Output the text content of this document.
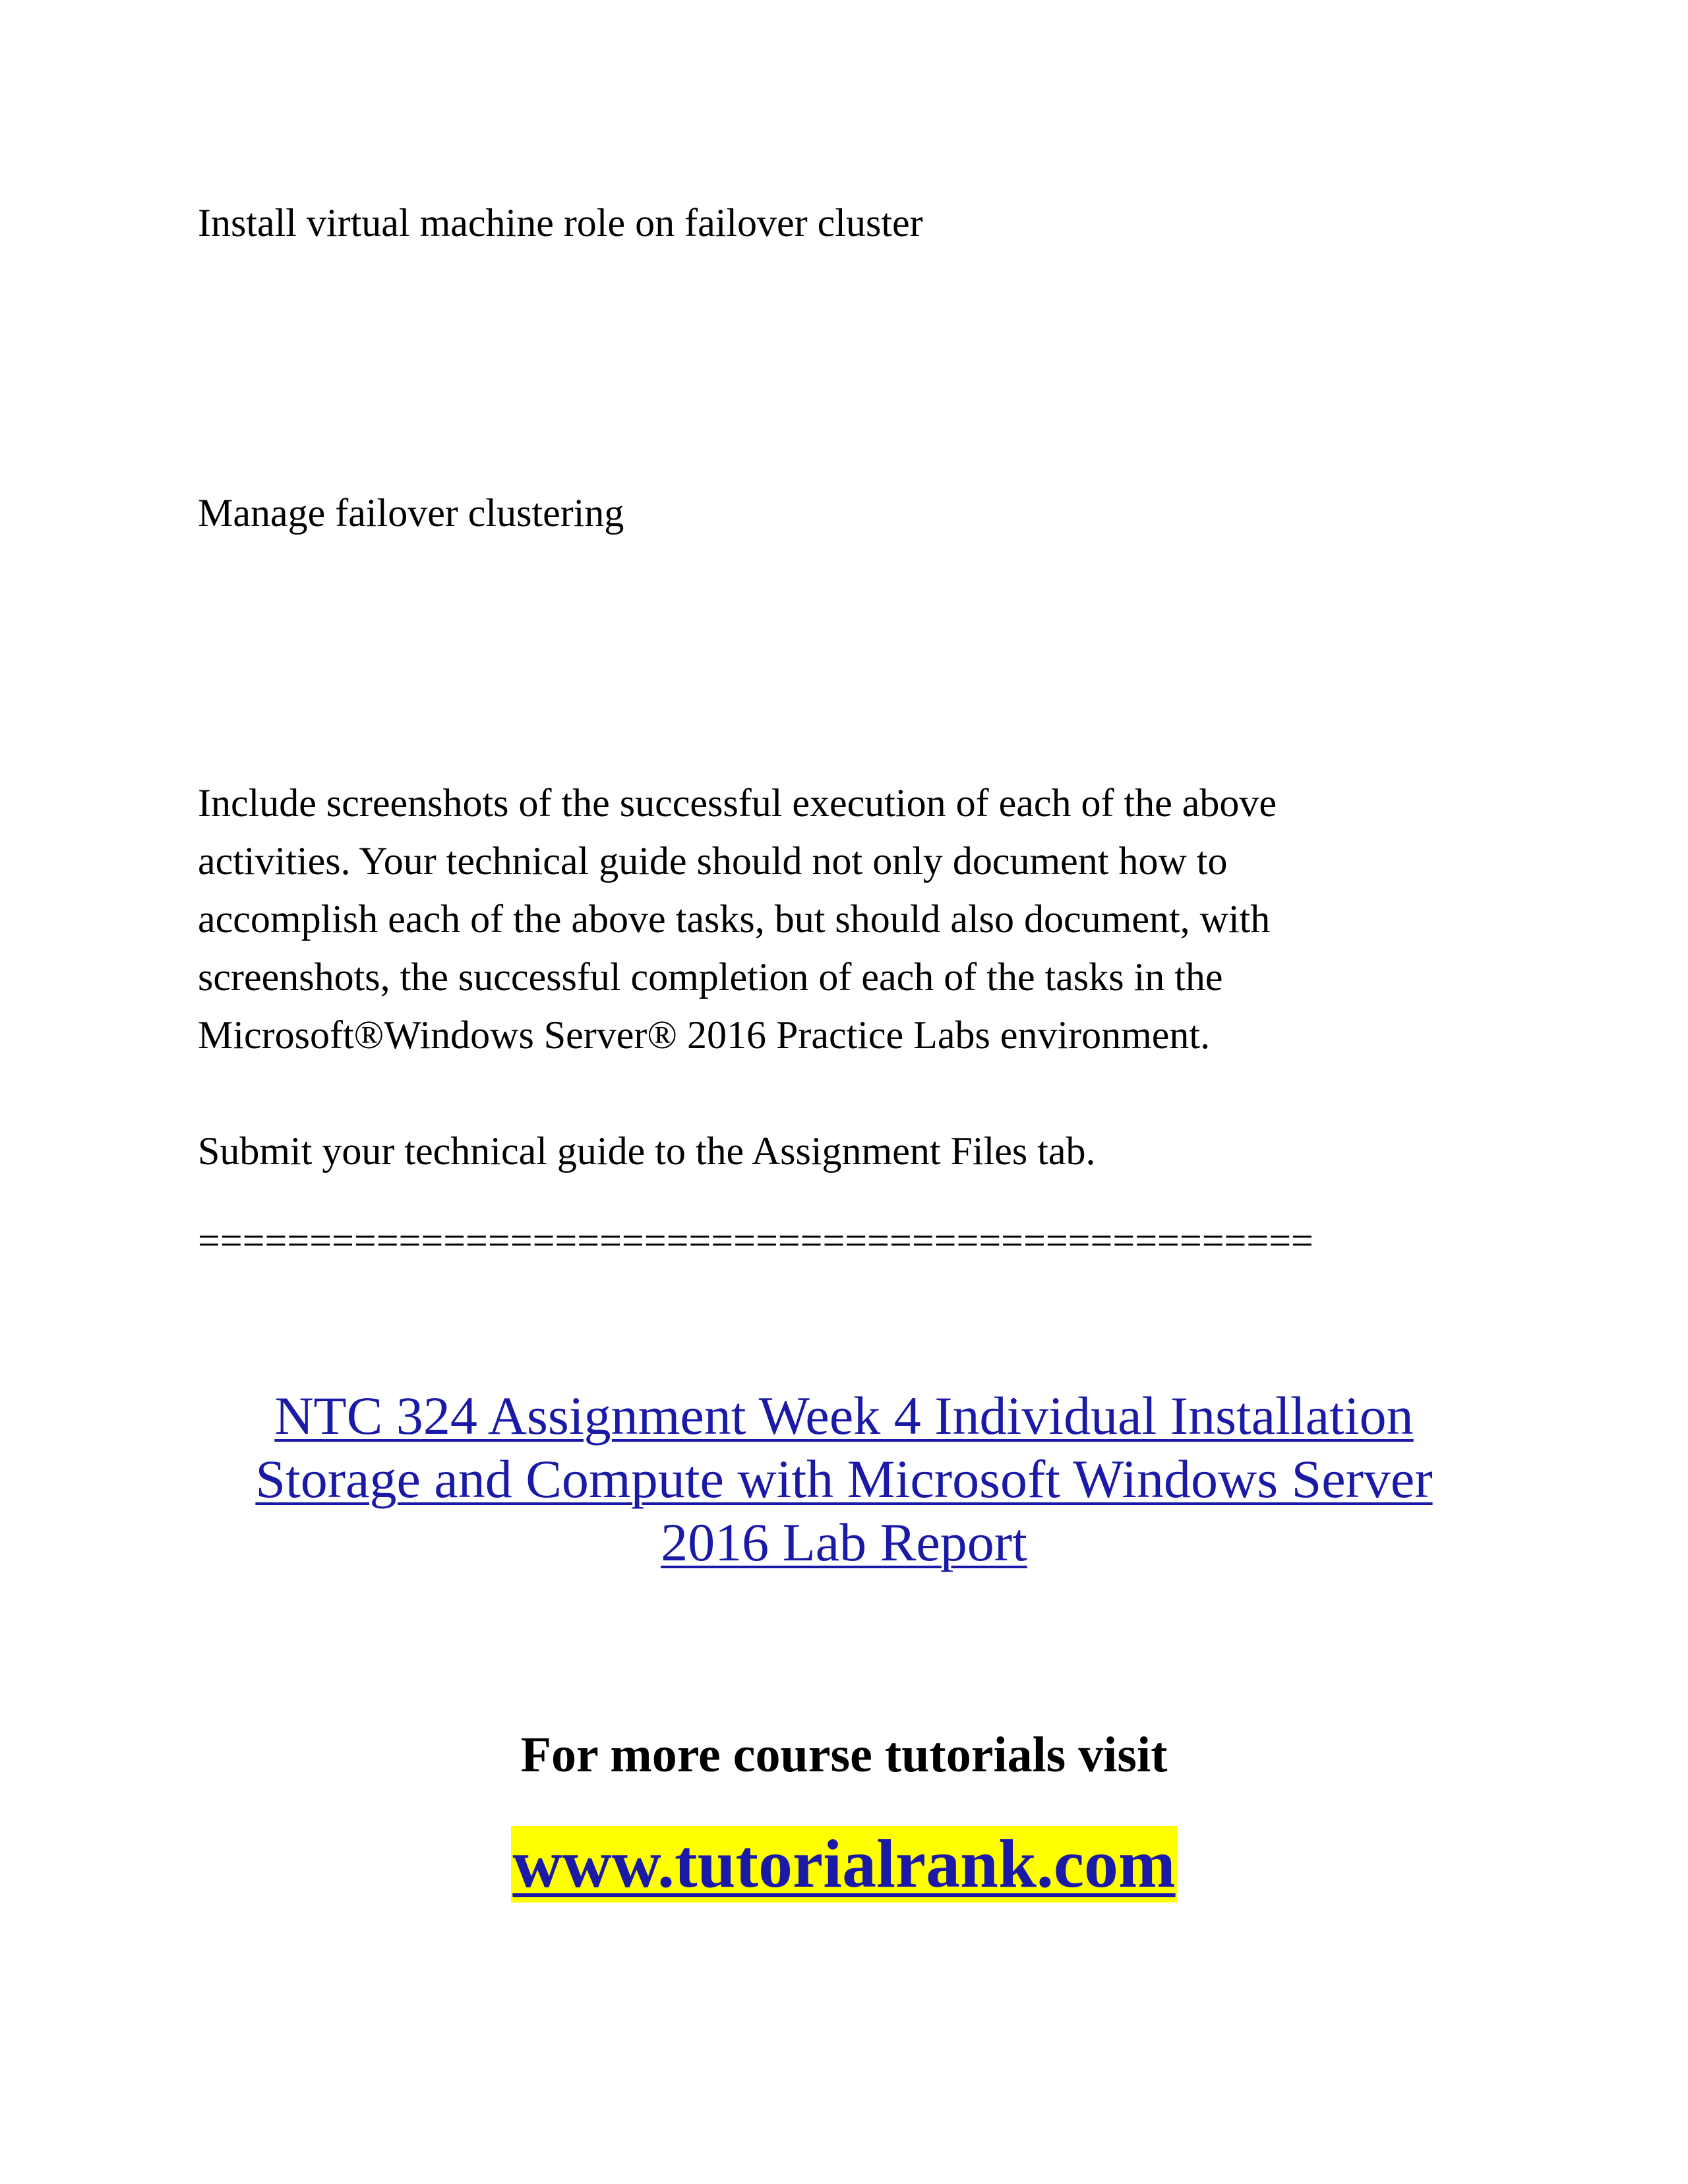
Install virtual machine role on failover cluster

Manage failover clustering

Include screenshots of the successful execution of each of the above
activities. Your technical guide should not only document how to
accomplish each of the above tasks, but should also document, with
screenshots, the successful completion of each of the tasks in the
Microsoft®Windows Server® 2016 Practice Labs environment.

Submit your technical guide to the Assignment Files tab.

==================================================

NTC 324 Assignment Week 4 Individual Installation
Storage and Compute with Microsoft Windows Server
2016 Lab Report

For more course tutorials visit

www.tutorialrank.com
